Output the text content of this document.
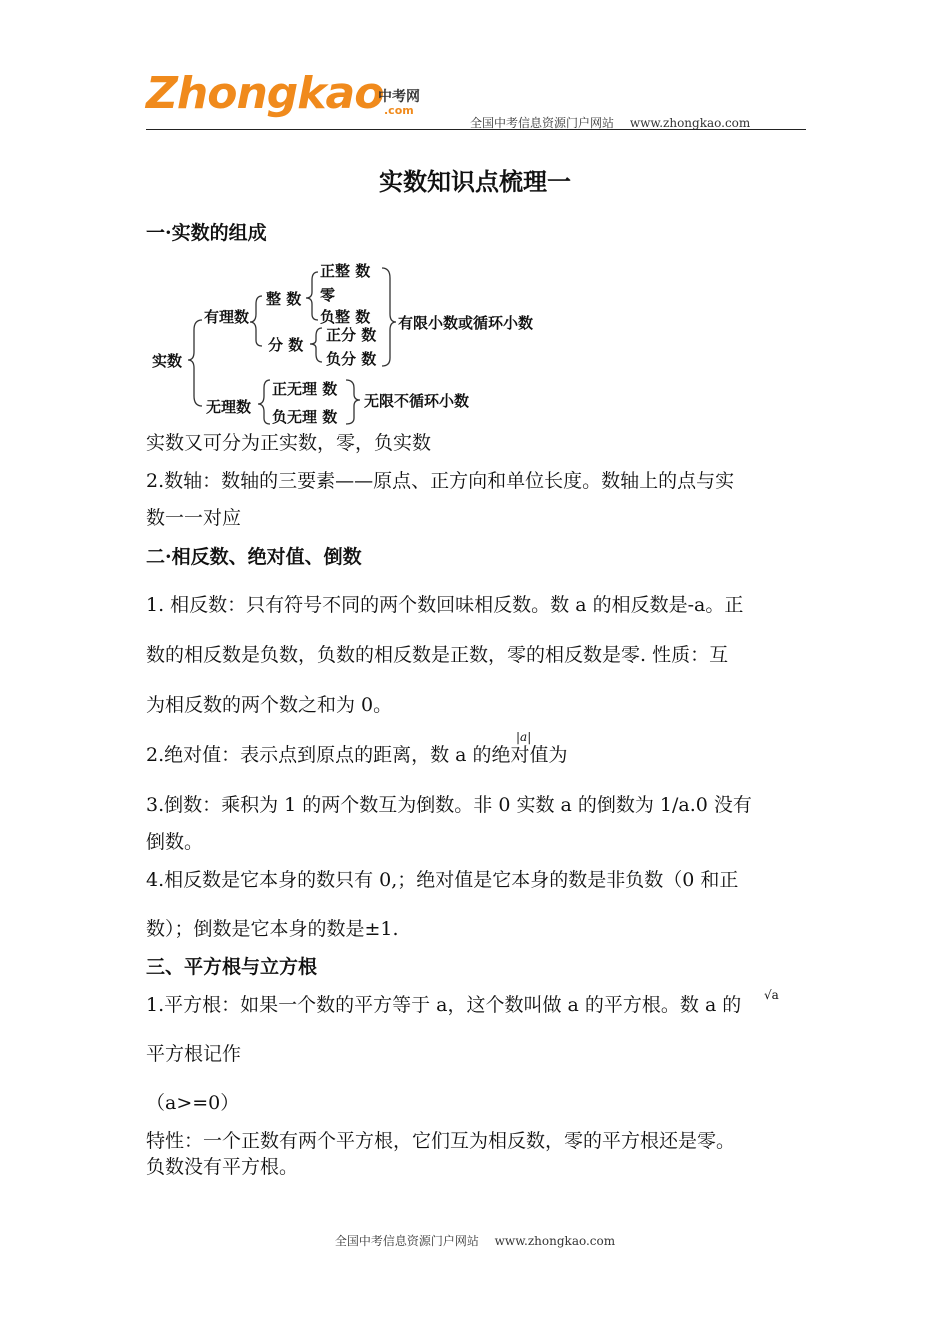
Zhongkao
中考网
.com
全国中考信息资源门户网站　 www.zhongkao.com
实数知识点梳理一
一·实数的组成
实数
有理数
无理数
整 数
分 数
正整 数
零
负整 数
正分 数
负分 数
有限小数或循环小数
正无理 数
负无理 数
无限不循环小数
实数又可分为正实数，零，负实数
2.数轴：数轴的三要素——原点、正方向和单位长度。数轴上的点与实
数一一对应
二·相反数、绝对值、倒数
1. 相反数：只有符号不同的两个数回味相反数。数 a 的相反数是-a。正
数的相反数是负数，负数的相反数是正数，零的相反数是零. 性质：互
为相反数的两个数之和为 0。
2.绝对值：表示点到原点的距离，数 a 的绝对值为
|a|
3.倒数：乘积为 1 的两个数互为倒数。非 0 实数 a 的倒数为 1/a.0 没有
倒数。
4.相反数是它本身的数只有 0,；绝对值是它本身的数是非负数（0 和正
数）；倒数是它本身的数是±1.
三、平方根与立方根
1.平方根：如果一个数的平方等于 a，这个数叫做 a 的平方根。数 a 的 √a
平方根记作
（a>=0）
特性：一个正数有两个平方根，它们互为相反数，零的平方根还是零。
负数没有平方根。
全国中考信息资源门户网站　 www.zhongkao.com
